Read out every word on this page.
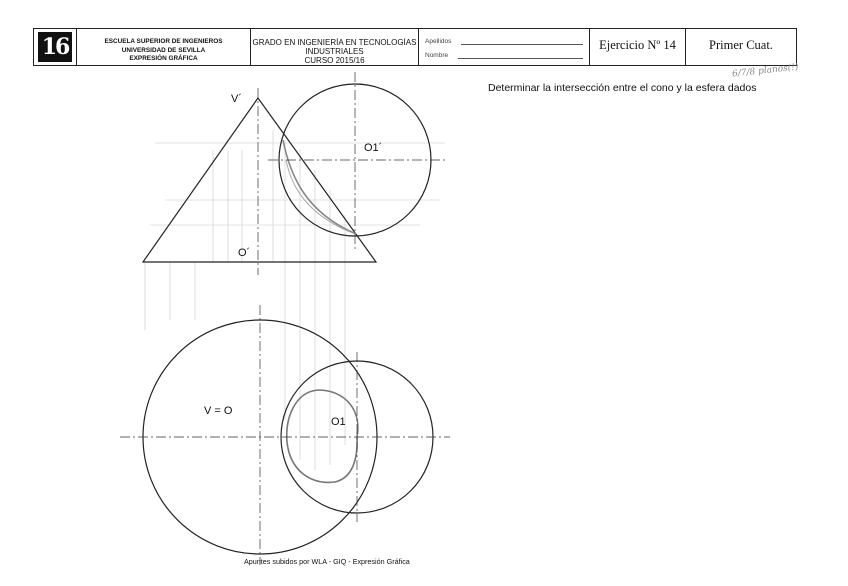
16	ESCUELA SUPERIOR DE INGENIEROS
UNIVERSIDAD DE SEVILLA
EXPRESIÓN GRÁFICA
GRADO EN INGENIERÍA EN TECNOLOGÍAS
INDUSTRIALES
CURSO 2015/16
Apellidos
Nombre
Ejercicio Nº 14	Primer Cuat.
Determinar la intersección entre el cono y la esfera dados
6/7/8 planos(!)
V´
O´
O1´
V = O
O1
Apuntes subidos por WLA - GIQ - Expresión Gráfica
